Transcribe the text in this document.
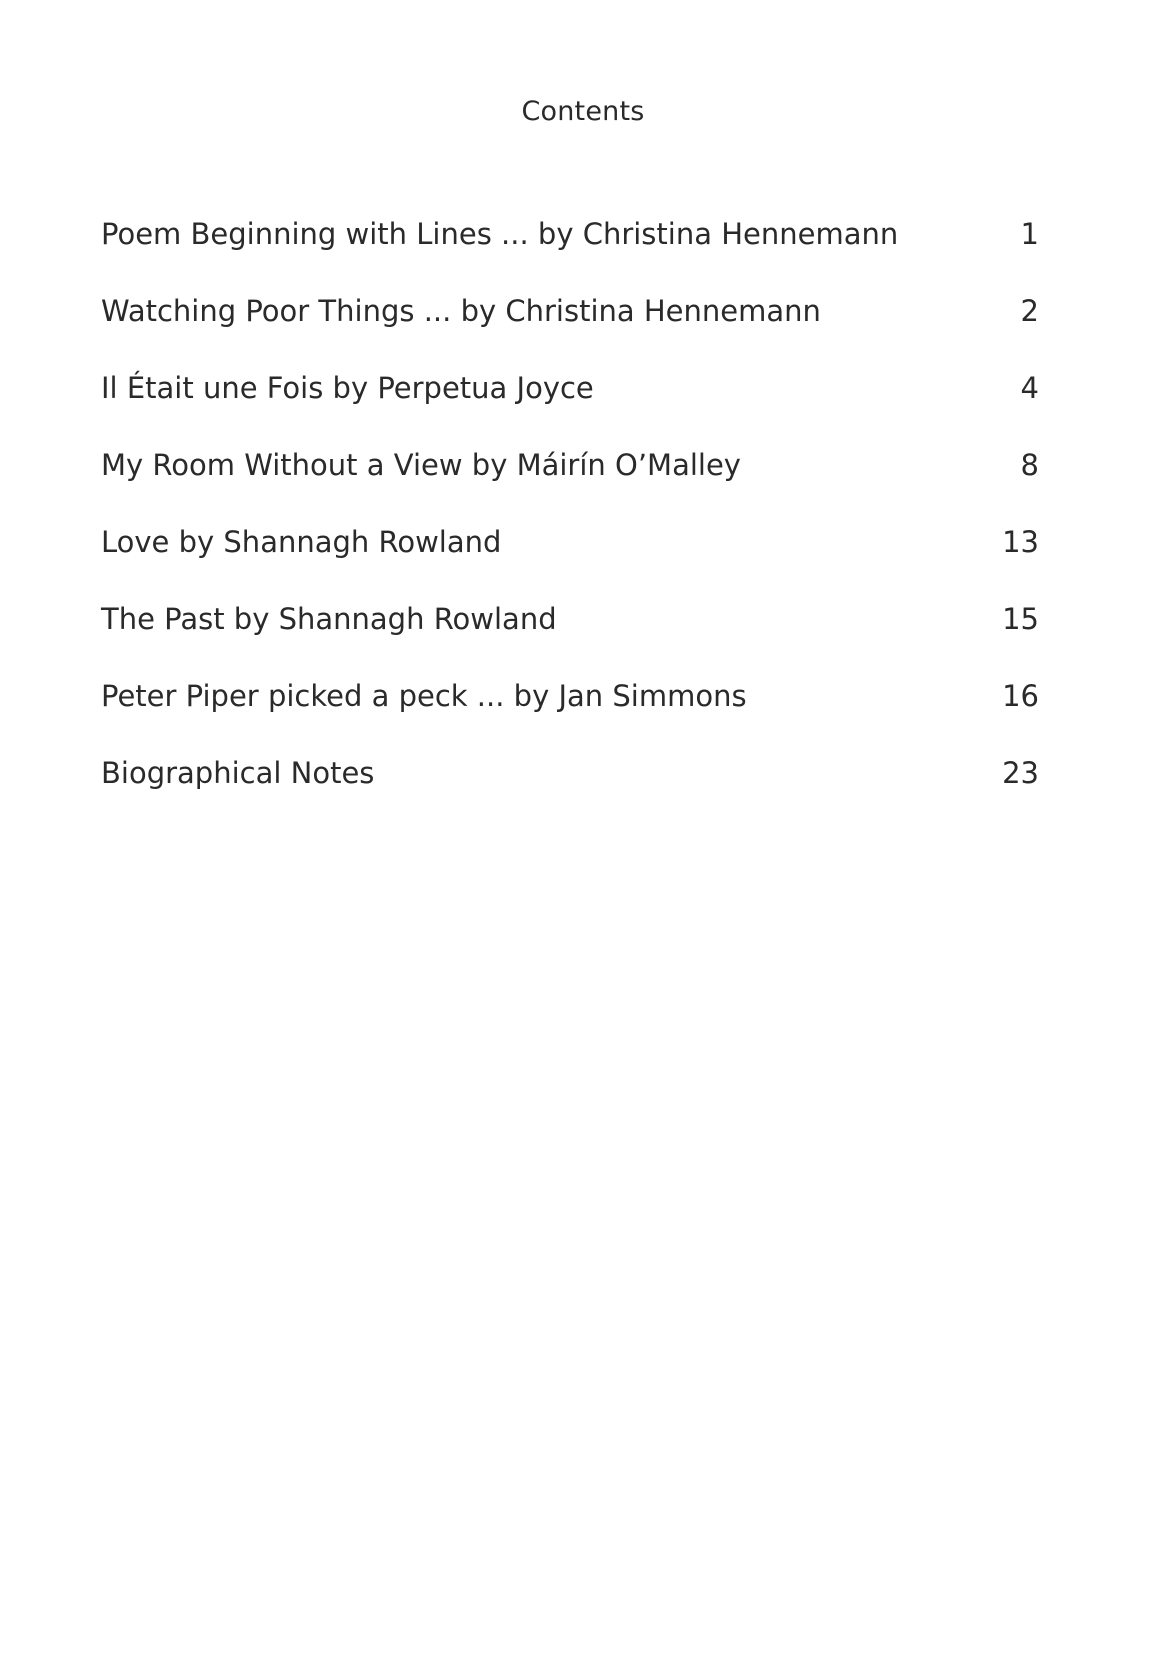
Contents
Poem Beginning with Lines ... by Christina Hennemann	1
Watching Poor Things ... by Christina Hennemann	2
Il Était une Fois by Perpetua Joyce	4
My Room Without a View by Máirín O’Malley	8
Love by Shannagh Rowland	13
The Past by Shannagh Rowland	15
Peter Piper picked a peck ... by Jan Simmons	16
Biographical Notes	23
